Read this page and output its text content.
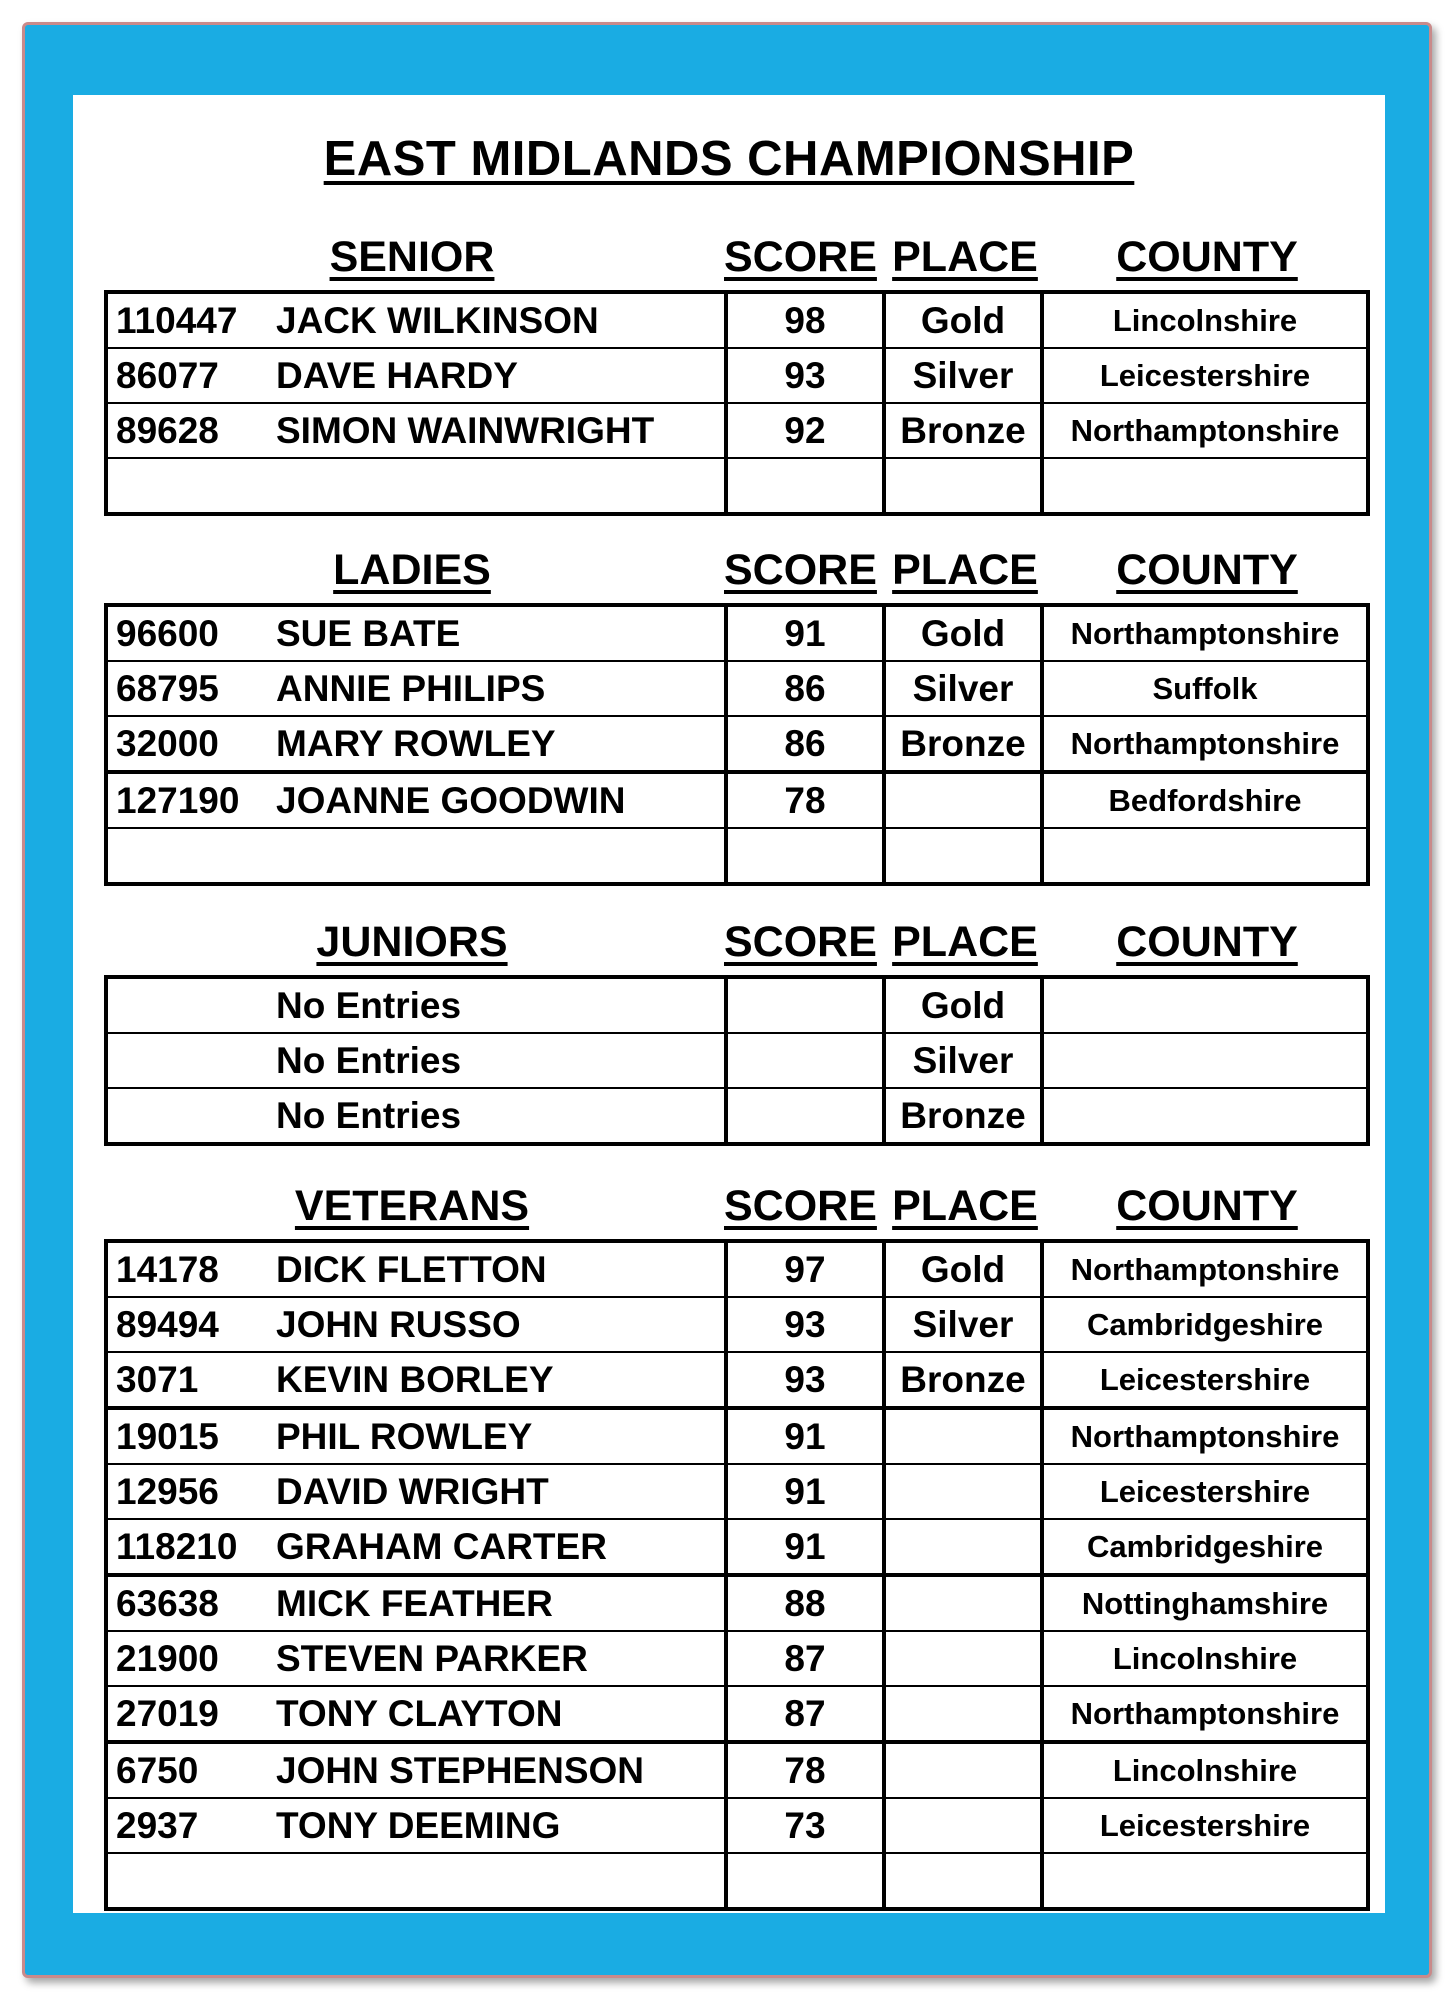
EAST MIDLANDS CHAMPIONSHIP
SENIOR	SCORE PLACE	COUNTY
110447 JACK WILKINSON	98	Gold	Lincolnshire

86077 DAVE HARDY	93	Silver	Leicestershire

89628 SIMON WAINWRIGHT	92	Bronze	Northamptonshire

LADIES	SCORE PLACE	COUNTY
96600 SUE BATE	91	Gold	Northamptonshire

68795 ANNIE PHILIPS	86	Silver	Suffolk

32000 MARY ROWLEY	86	Bronze	Northamptonshire

127190 JOANNE GOODWIN	78		Bedfordshire

JUNIORS	SCORE PLACE	COUNTY
No Entries		Gold	

No Entries		Silver	

No Entries		Bronze	
VETERANS	SCORE PLACE	COUNTY
14178 DICK FLETTON	97	Gold	Northamptonshire

89494 JOHN RUSSO	93	Silver	Cambridgeshire

3071 KEVIN BORLEY	93	Bronze	Leicestershire

19015 PHIL ROWLEY	91		Northamptonshire

12956 DAVID WRIGHT	91		Leicestershire

118210 GRAHAM CARTER	91		Cambridgeshire

63638 MICK FEATHER	88		Nottinghamshire

21900 STEVEN PARKER	87		Lincolnshire

27019 TONY CLAYTON	87		Northamptonshire

6750 JOHN STEPHENSON	78		Lincolnshire

2937 TONY DEEMING	73		Leicestershire
